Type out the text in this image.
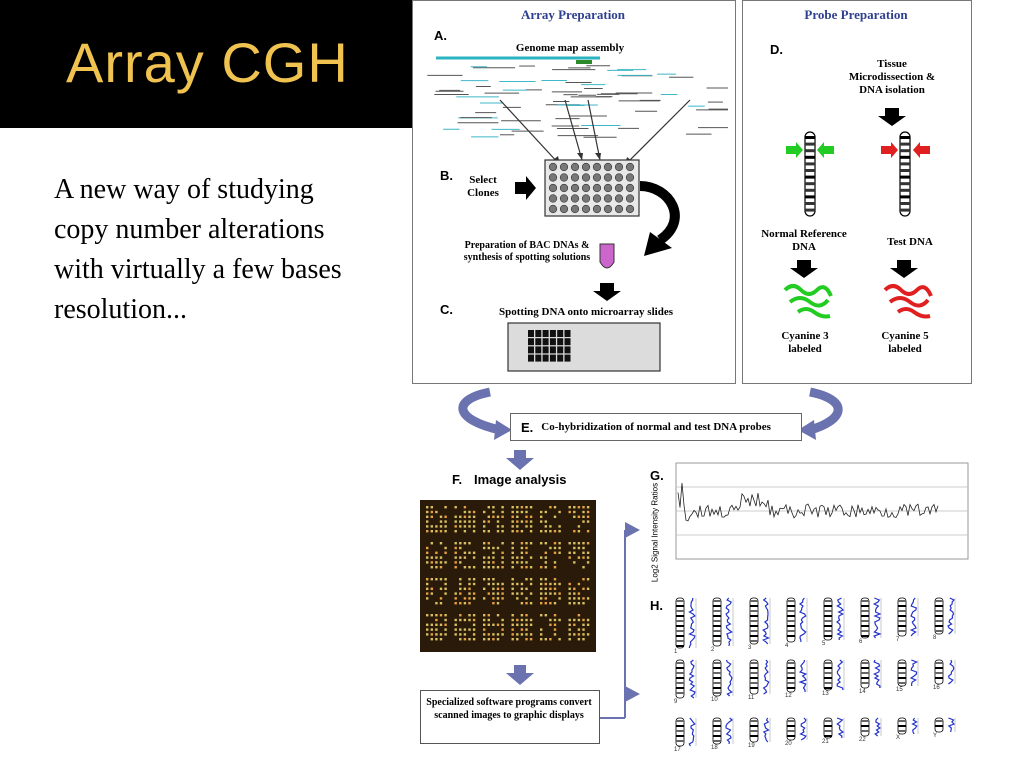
Array CGH
A new way of studying copy number alterations with virtually a few bases resolution...
Array Preparation	Probe Preparation
A.
Genome map assembly
B.	Select Clones
Preparation of BAC DNAs & synthesis of spotting solutions
C.	Spotting DNA onto microarray slides
D.
Tissue Microdissection & DNA isolation
Normal Reference DNA	Test DNA
Cyanine 3 labeled
Cyanine 5 labeled
E. Co-hybridization of normal and test DNA probes
F. Image analysis
Specialized software programs convert scanned images to graphic displays
G.
Log2 Signal Intensity Ratios
H.
1	2	3	4	5	6	7	8
9	10	11	12	13	14	15	16
17	18	19	20	21	22	X	Y
